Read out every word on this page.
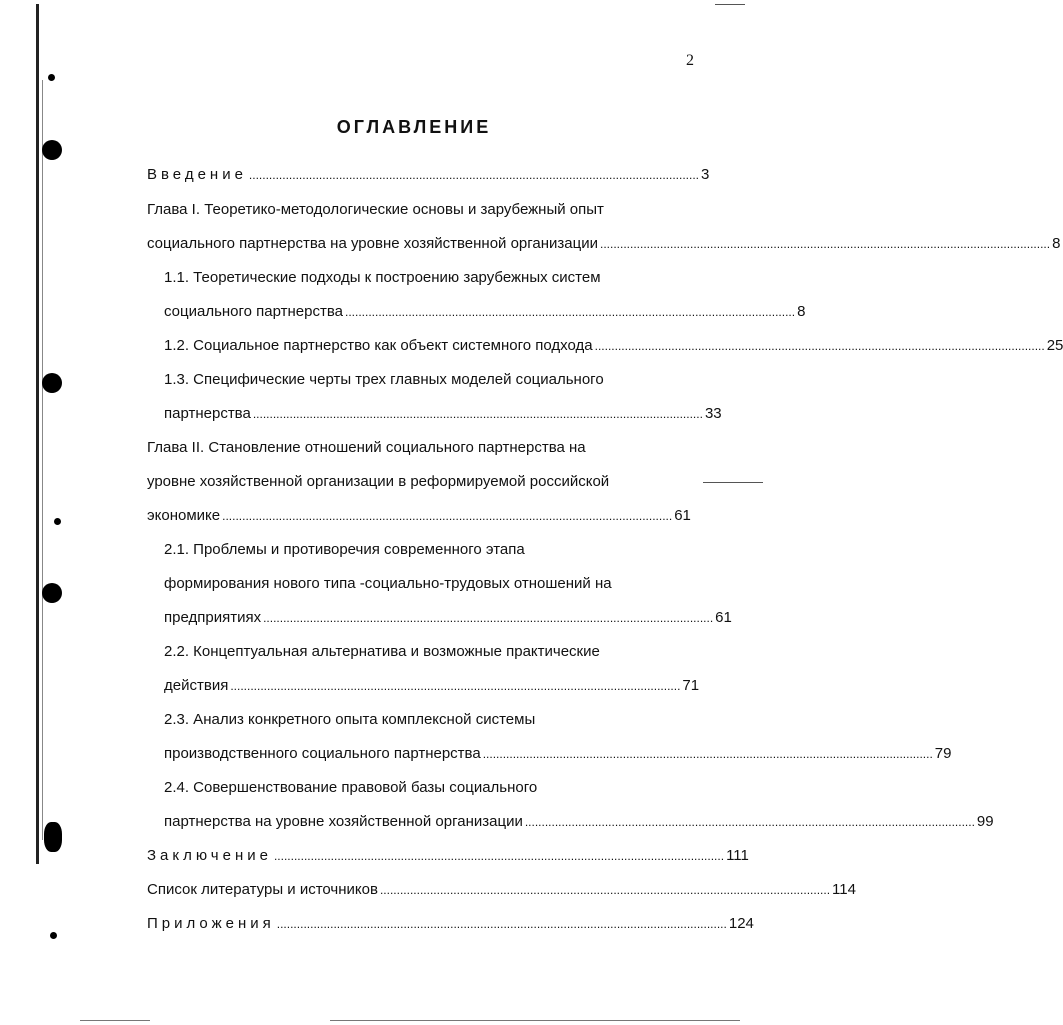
2
ОГЛАВЛЕНИЕ
Введение ....................................................................................................................................... 3
Глава I. Теоретико-методологические основы и зарубежный опыт
социального партнерства на уровне хозяйственной организации ....................................................................................................................................... 8
1.1. Теоретические подходы к построению зарубежных систем
социального партнерства ....................................................................................................................................... 8
1.2. Социальное партнерство как объект системного подхода ....................................................................................................................................... 25
1.3. Специфические черты трех главных моделей социального
партнерства ....................................................................................................................................... 33
Глава II. Становление отношений социального партнерства на
уровне хозяйственной организации в реформируемой российской
экономике ....................................................................................................................................... 61
2.1. Проблемы и противоречия современного этапа
формирования нового типа -социально-трудовых отношений на
предприятиях ....................................................................................................................................... 61
2.2. Концептуальная альтернатива и возможные практические
действия ....................................................................................................................................... 71
2.3. Анализ конкретного опыта комплексной системы
производственного социального партнерства ....................................................................................................................................... 79
2.4. Совершенствование правовой базы социального
партнерства на уровне хозяйственной организации ....................................................................................................................................... 99
Заключение ....................................................................................................................................... 111
Список литературы и источников ....................................................................................................................................... 114
Приложения ....................................................................................................................................... 124
